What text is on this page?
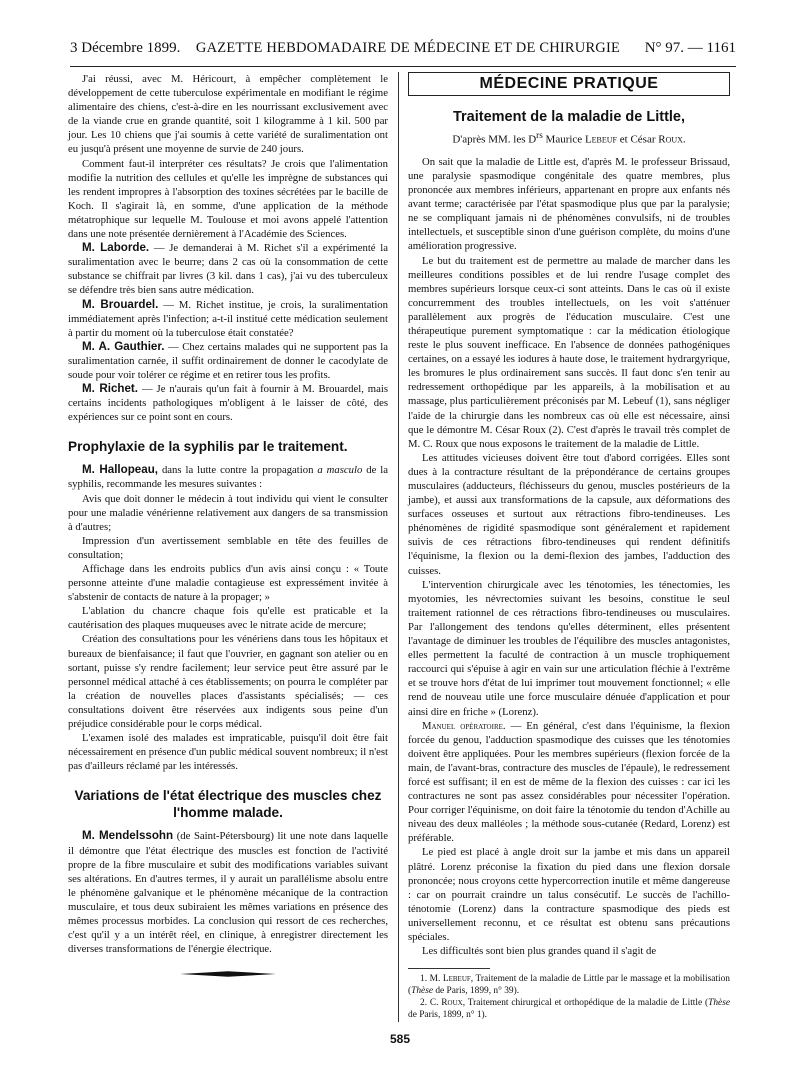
3 Décembre 1899.	GAZETTE HEBDOMADAIRE DE MÉDECINE ET DE CHIRURGIE	N° 97. — 1161

J'ai réussi, avec M. Héricourt, à empêcher complètement le développement de cette tuberculose expérimentale en modifiant le régime alimentaire des chiens, c'est-à-dire en les nourrissant exclusivement avec de la viande crue en grande quantité, soit 1 kilogramme à 1 kil. 500 par jour. Les 10 chiens que j'ai soumis à cette variété de suralimentation ont eu jusqu'à présent une moyenne de survie de 240 jours.

Comment faut-il interpréter ces résultats? Je crois que l'alimentation modifie la nutrition des cellules et qu'elle les imprègne de substances qui les rendent impropres à l'absorption des toxines sécrétées par le bacille de Koch. Il s'agirait là, en somme, d'une application de la méthode métatrophique sur lequelle M. Toulouse et moi avons appelé l'attention dans une note présentée dernièrement à l'Académie des Sciences.

M. Laborde. — Je demanderai à M. Richet s'il a expérimenté la suralimentation avec le beurre; dans 2 cas où la consommation de cette substance se chiffrait par livres (3 kil. dans 1 cas), j'ai vu des tuberculeux se défendre très bien sans autre médication.

M. Brouardel. — M. Richet institue, je crois, la suralimentation immédiatement après l'infection; a-t-il institué cette médication seulement à partir du moment où la tuberculose était constatée?

M. A. Gauthier. — Chez certains malades qui ne supportent pas la suralimentation carnée, il suffit ordinairement de donner le cacodylate de soude pour voir tolérer ce régime et en retirer tous les profits.

M. Richet. — Je n'aurais qu'un fait à fournir à M. Brouardel, mais certains incidents pathologiques m'obligent à le laisser de côté, des expériences sur ce point sont en cours.

Prophylaxie de la syphilis par le traitement.

M. Hallopeau, dans la lutte contre la propagation a masculo de la syphilis, recommande les mesures suivantes :

Avis que doit donner le médecin à tout individu qui vient le consulter pour une maladie vénérienne relativement aux dangers de sa transmission à d'autres;

Impression d'un avertissement semblable en tête des feuilles de consultation;

Affichage dans les endroits publics d'un avis ainsi conçu : « Toute personne atteinte d'une maladie contagieuse est expressément invitée à s'abstenir de contacts de nature à la propager; »

L'ablation du chancre chaque fois qu'elle est praticable et la cautérisation des plaques muqueuses avec le nitrate acide de mercure;

Création des consultations pour les vénériens dans tous les hôpitaux et bureaux de bienfaisance; il faut que l'ouvrier, en gagnant son atelier ou en sortant, puisse s'y rendre facilement; leur service peut être assuré par le personnel médical attaché à ces établissements; on pourra le compléter par la création de nouvelles places d'assistants spécialisés; — ces consultations doivent être réservées aux indigents sous peine d'un préjudice considérable pour le corps médical.

L'examen isolé des malades est impraticable, puisqu'il doit être fait nécessairement en présence d'un public médical souvent nombreux; il n'est pas d'ailleurs réclamé par les intéressés.

Variations de l'état électrique des muscles chez l'homme malade.

M. Mendelssohn (de Saint-Pétersbourg) lit une note dans laquelle il démontre que l'état électrique des muscles est fonction de l'activité propre de la fibre musculaire et subit des modifications variables suivant ses altérations. En d'autres termes, il y aurait un parallélisme absolu entre le phénomène galvanique et le phénomène mécanique de la contraction musculaire, et tous deux subiraient les mêmes variations en présence des mêmes processus morbides. La conclusion qui ressort de ces recherches, c'est qu'il y a un intérêt réel, en clinique, à enregistrer directement les diverses transformations de l'énergie électrique.

MÉDECINE PRATIQUE
Traitement de la maladie de Little,
D'après MM. les $D^{rs}$ Maurice Lebeuf et César Roux.

On sait que la maladie de Little est, d'après M. le professeur Brissaud, une paralysie spasmodique congénitale des quatre membres, plus prononcée aux membres inférieurs, appartenant en propre aux enfants nés avant terme; caractérisée par l'état spasmodique plus que par la paralysie; ne se compliquant jamais ni de phénomènes convulsifs, ni de troubles intellectuels, et susceptible sinon d'une guérison complète, du moins d'une amélioration progressive.

Le but du traitement est de permettre au malade de marcher dans les meilleures conditions possibles et de lui rendre l'usage complet des membres supérieurs lorsque ceux-ci sont atteints. Dans le cas où il existe concurremment des troubles intellectuels, on les voit s'atténuer parallèlement aux progrès de l'éducation musculaire. C'est une thérapeutique purement symptomatique : car la médication étiologique reste le plus souvent inefficace. En l'absence de données pathogéniques certaines, on a essayé les iodures à haute dose, le traitement hydrargyrique, les bromures le plus ordinairement sans succès. Il faut donc s'en tenir au redressement orthopédique par les appareils, à la mobilisation et au massage, plus particulièrement préconisés par M. Lebeuf (1), sans négliger l'aide de la chirurgie dans les nombreux cas où elle est nécessaire, ainsi que le démontre M. César Roux (2). C'est d'après le travail très complet de M. C. Roux que nous exposons le traitement de la maladie de Little.

Les attitudes vicieuses doivent être tout d'abord corrigées. Elles sont dues à la contracture résultant de la prépondérance de certains groupes musculaires (adducteurs, fléchisseurs du genou, muscles postérieurs de la jambe), et aussi aux transformations de la capsule, aux déformations des surfaces osseuses et surtout aux rétractions fibro-tendineuses. Les phénomènes de rigidité spasmodique sont généralement et rapidement suivis de ces rétractions fibro-tendineuses qui rendent définitifs l'équinisme, la flexion ou la demi-flexion des jambes, l'adduction des cuisses.

L'intervention chirurgicale avec les ténotomies, les ténectomies, les myotomies, les névrectomies suivant les besoins, constitue le seul traitement rationnel de ces rétractions fibro-tendineuses ou musculaires. Par l'allongement des tendons qu'elles déterminent, elles présentent l'avantage de diminuer les troubles de l'équilibre des muscles antagonistes, elles permettent la faculté de contraction à un muscle trophiquement raccourci qui s'épuise à agir en vain sur une articulation fléchie à l'extrême et se trouve hors d'état de lui imprimer tout mouvement fonctionnel; « elle rend de nouveau utile une force musculaire dénuée d'application et pour ainsi dire en friche » (Lorenz).

Manuel opératoire. — En général, c'est dans l'équinisme, la flexion forcée du genou, l'adduction spasmodique des cuisses que les ténotomies doivent être appliquées. Pour les membres supérieurs (flexion forcée de la main, de l'avant-bras, contracture des muscles de l'épaule), le redressement forcé est suffisant; il en est de même de la flexion des cuisses : car ici les contractures ne sont pas assez considérables pour nécessiter l'opération. Pour corriger l'équinisme, on doit faire la ténotomie du tendon d'Achille au niveau des deux malléoles ; la méthode sous-cutanée (Redard, Lorenz) est préférable.

Le pied est placé à angle droit sur la jambe et mis dans un appareil plâtré. Lorenz préconise la fixation du pied dans une flexion dorsale prononcée; nous croyons cette hypercorrection inutile et même dangereuse : car on pourrait craindre un talus consécutif. Le succès de l'achillo-ténotomie (Lorenz) dans la contracture spasmodique des pieds est universellement reconnu, et ce résultat est obtenu sans précautions spéciales.

Les difficultés sont bien plus grandes quand il s'agit de

1. M. Lebeuf, Traitement de la maladie de Little par le massage et la mobilisation (Thèse de Paris, 1899, n° 39).

2. C. Roux, Traitement chirurgical et orthopédique de la maladie de Little (Thèse de Paris, 1899, n° 1).

585
